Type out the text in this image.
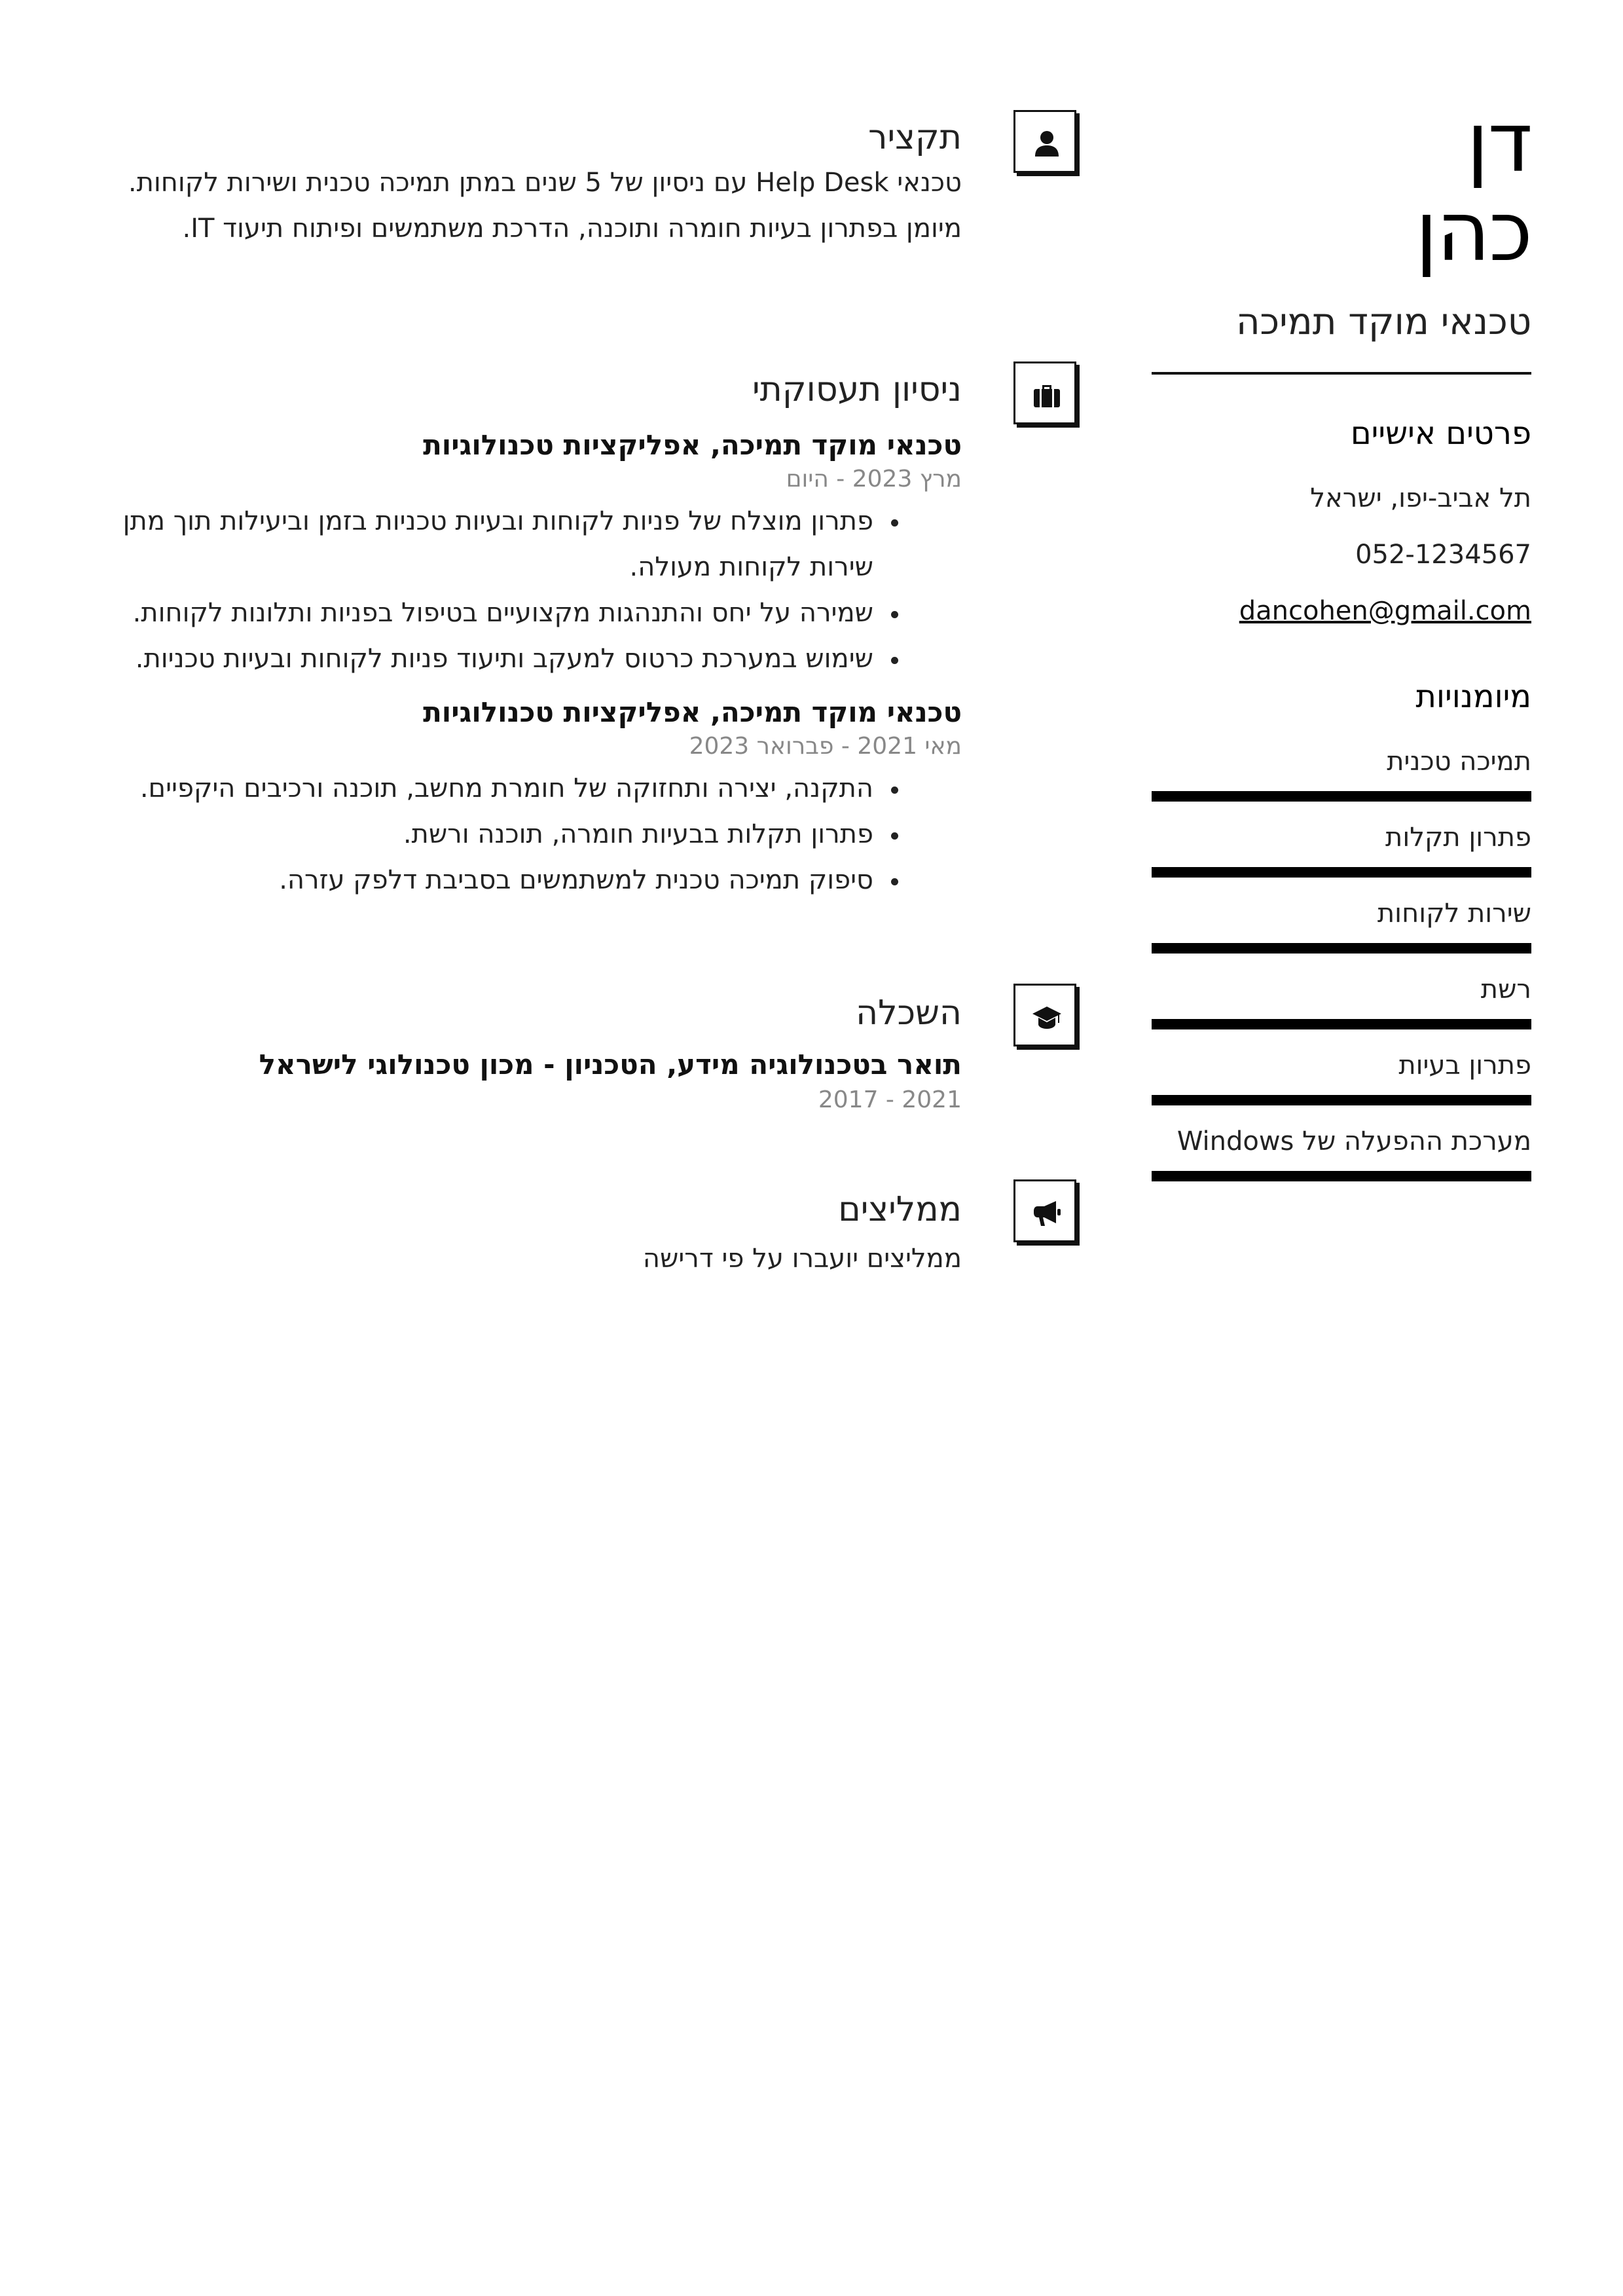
דן
כהן
טכנאי מוקד תמיכה
פרטים אישיים
תל אביב-יפו, ישראל
052-1234567
dancohen@gmail.com
מיומנויות
תמיכה טכנית
פתרון תקלות
שירות לקוחות
רשת
פתרון בעיות
מערכת ההפעלה של Windows
תקציר
טכנאי Help Desk עם ניסיון של 5 שנים במתן תמיכה טכנית ושירות לקוחות. מיומן בפתרון בעיות חומרה ותוכנה, הדרכת משתמשים ופיתוח תיעוד IT.
ניסיון תעסוקתי
טכנאי מוקד תמיכה, אפליקציות טכנולוגיות
מרץ 2023 - היום
• פתרון מוצלח של פניות לקוחות ובעיות טכניות בזמן וביעילות תוך מתן שירות לקוחות מעולה.
• שמירה על יחס והתנהגות מקצועיים בטיפול בפניות ותלונות לקוחות.
• שימוש במערכת כרטוס למעקב ותיעוד פניות לקוחות ובעיות טכניות.
טכנאי מוקד תמיכה, אפליקציות טכנולוגיות
מאי 2021 - פברואר 2023
• התקנה, יצירה ותחזוקה של חומרת מחשב, תוכנה ורכיבים היקפיים.
• פתרון תקלות בבעיות חומרה, תוכנה ורשת.
• סיפוק תמיכה טכנית למשתמשים בסביבת דלפק עזרה.
השכלה
תואר בטכנולוגיה מידע, הטכניון - מכון טכנולוגי לישראל
2017 - 2021
ממליצים
ממליצים יועברו על פי דרישה
